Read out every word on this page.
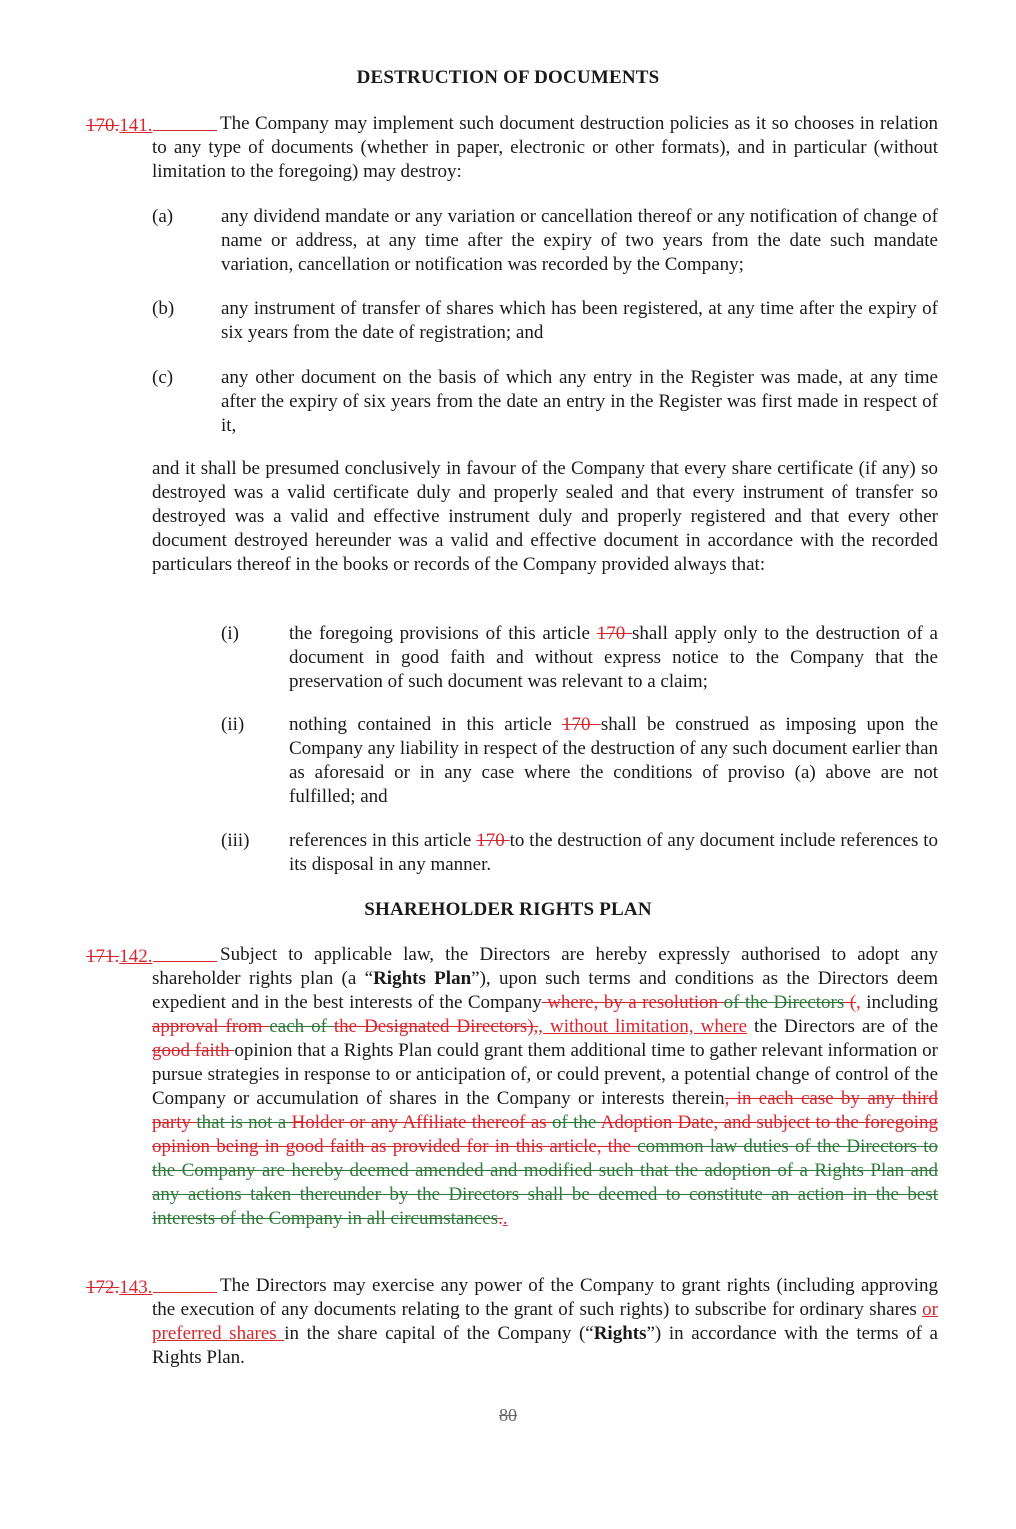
DESTRUCTION OF DOCUMENTS
170.141.	The Company may implement such document destruction policies as it so chooses in relation to any type of documents (whether in paper, electronic or other formats), and in particular (without limitation to the foregoing) may destroy:
(a)	any dividend mandate or any variation or cancellation thereof or any notification of change of name or address, at any time after the expiry of two years from the date such mandate variation, cancellation or notification was recorded by the Company;
(b) any instrument of transfer of shares which has been registered, at any time after the expiry of six years from the date of registration; and
(c)	any other document on the basis of which any entry in the Register was made, at any time after the expiry of six years from the date an entry in the Register was first made in respect of it,
and it shall be presumed conclusively in favour of the Company that every share certificate (if any) so destroyed was a valid certificate duly and properly sealed and that every instrument of transfer so destroyed was a valid and effective instrument duly and properly registered and that every other document destroyed hereunder was a valid and effective document in accordance with the recorded particulars thereof in the books or records of the Company provided always that:
(i)	the foregoing provisions of this article 170 shall apply only to the destruction of a document in good faith and without express notice to the Company that the preservation of such document was relevant to a claim;
(ii) nothing contained in this article 170 shall be construed as imposing upon the Company any liability in respect of the destruction of any such document earlier than as aforesaid or in any case where the conditions of proviso (a) above are not fulfilled; and
(iii) references in this article 170 to the destruction of any document include references to its disposal in any manner.
SHAREHOLDER RIGHTS PLAN
171.142.	Subject to applicable law, the Directors are hereby expressly authorised to adopt any shareholder rights plan (a “Rights Plan”), upon such terms and conditions as the Directors deem expedient and in the best interests of the Company where, by a resolution of the Directors (, including approval from each of the Designated Directors),, without limitation, where the Directors are of the good faith opinion that a Rights Plan could grant them additional time to gather relevant information or pursue strategies in response to or anticipation of, or could prevent, a potential change of control of the Company or accumulation of shares in the Company or interests therein, in each case by any third party that is not a Holder or any Affiliate thereof as of the Adoption Date, and subject to the foregoing opinion being in good faith as provided for in this article, the common law duties of the Directors to the Company are hereby deemed amended and modified such that the adoption of a Rights Plan and any actions taken thereunder by the Directors shall be deemed to constitute an action in the best interests of the Company in all circumstances..
172.143.	The Directors may exercise any power of the Company to grant rights (including approving the execution of any documents relating to the grant of such rights) to subscribe for ordinary shares or preferred shares in the share capital of the Company (“Rights”) in accordance with the terms of a Rights Plan.
80
